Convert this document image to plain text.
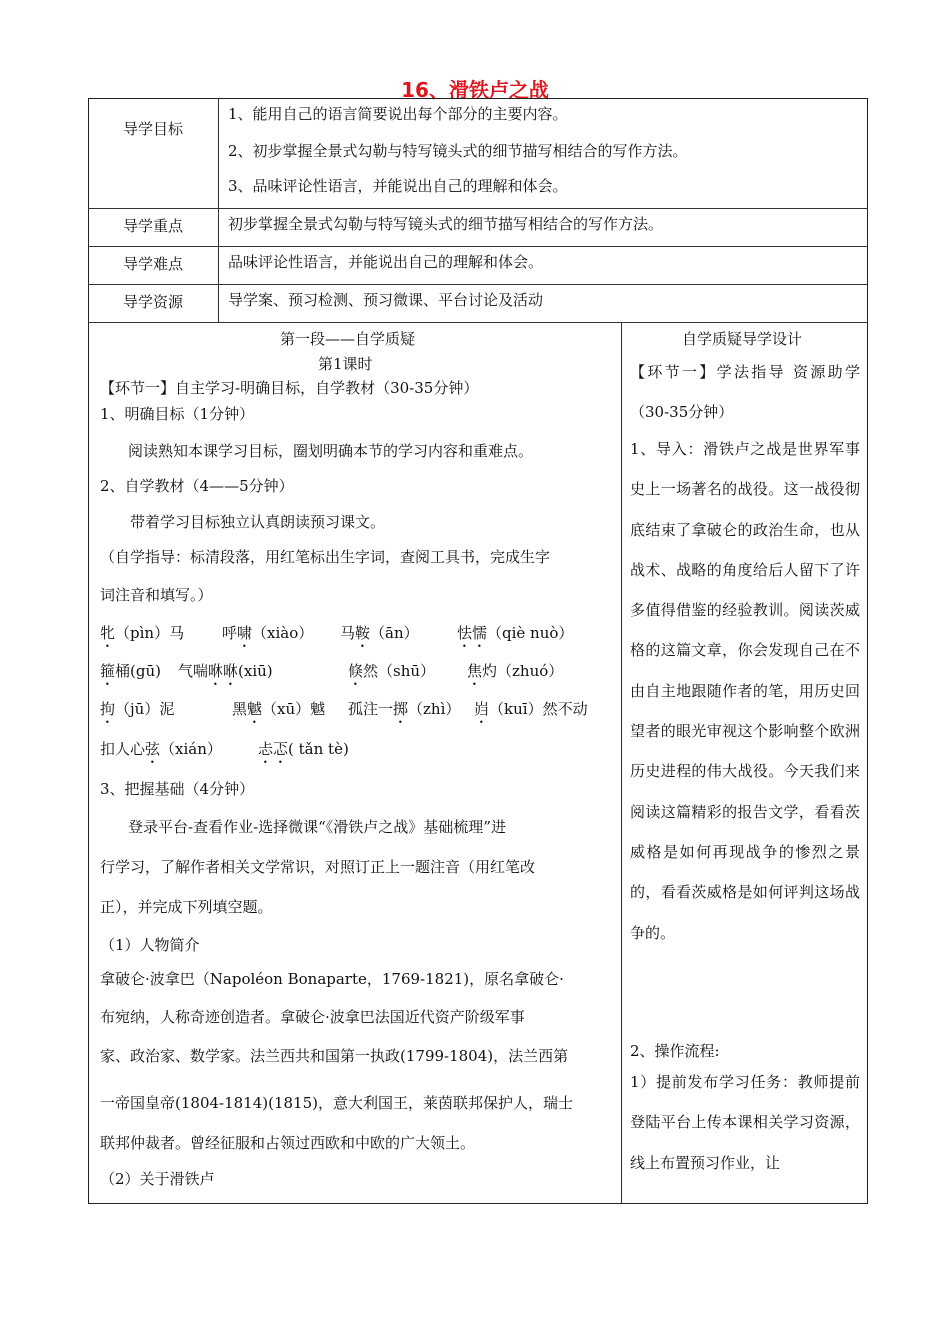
16、滑铁卢之战
导学目标
1、能用自己的语言简要说出每个部分的主要内容。
2、初步掌握全景式勾勒与特写镜头式的细节描写相结合的写作方法。
3、品味评论性语言，并能说出自己的理解和体会。
导学重点	初步掌握全景式勾勒与特写镜头式的细节描写相结合的写作方法。
导学难点	品味评论性语言，并能说出自己的理解和体会。
导学资源	导学案、预习检测、预习微课、平台讨论及活动
第一段——自学质疑
第1课时
【环节一】自主学习-明确目标，自学教材（30-35分钟）
1、明确目标（1分钟）
阅读熟知本课学习目标，圈划明确本节的学习内容和重难点。
2、自学教材（4——5分钟）
带着学习目标独立认真朗读预习课文。
（自学指导：标清段落，用红笔标出生字词，查阅工具书，完成生字
词注音和填写。）
牝（pìn）马	呼啸（xiào） 马鞍（ān）	怯懦（qiè nuò）
箍桶(gū) 气喘咻咻(xiū)	倏然（shū） 焦灼（zhuó）
拘（jū）泥	黑魆（xū）魆 孤注一掷（zhì） 岿（kuī）然不动
扣人心弦（xián） 忐忑( tǎn tè)
3、把握基础（4分钟）
登录平台-查看作业-选择微课“《滑铁卢之战》基础梳理”进
行学习，了解作者相关文学常识，对照订正上一题注音（用红笔改
正），并完成下列填空题。
（1）人物简介
拿破仑·波拿巴（Napoléon Bonaparte，1769-1821)，原名拿破仑·
布宛纳，人称奇迹创造者。拿破仑·波拿巴法国近代资产阶级军事
家、政治家、数学家。法兰西共和国第一执政(1799-1804)，法兰西第
一帝国皇帝(1804-1814)(1815)，意大利国王，莱茵联邦保护人，瑞士
联邦仲裁者。曾经征服和占领过西欧和中欧的广大领土。
（2）关于滑铁卢
自学质疑导学设计
【环节一】学法指导 资源助学（30-35分钟）
1、导入：滑铁卢之战是世界军事史上一场著名的战役。这一战役彻底结束了拿破仑的政治生命，也从战术、战略的角度给后人留下了许多值得借鉴的经验教训。阅读茨威格的这篇文章，你会发现自己在不由自主地跟随作者的笔，用历史回望者的眼光审视这个影响整个欧洲历史进程的伟大战役。今天我们来阅读这篇精彩的报告文学，看看茨威格是如何再现战争的惨烈之景的，看看茨威格是如何评判这场战争的。
2、操作流程:
1）提前发布学习任务：教师提前登陆平台上传本课相关学习资源，线上布置预习作业，让
